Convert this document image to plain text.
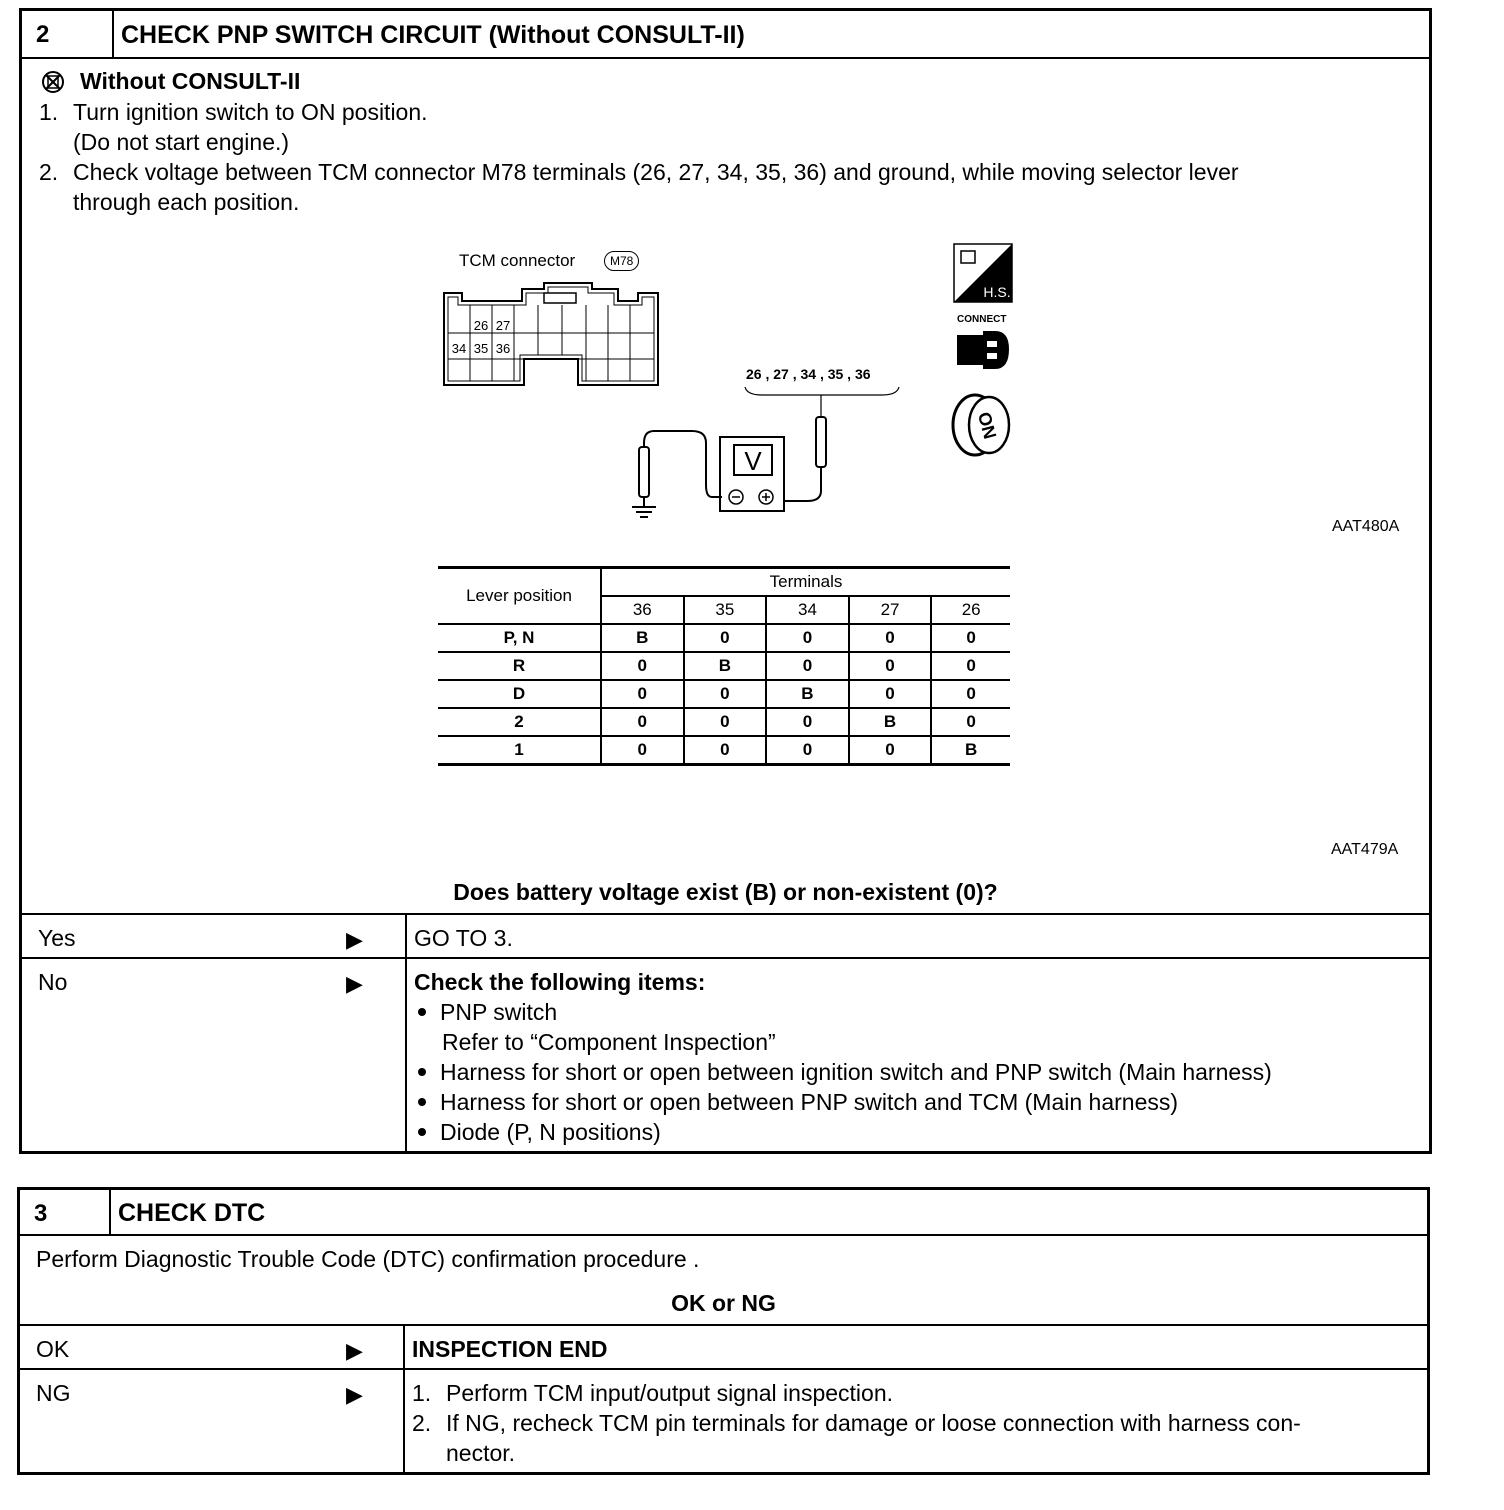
2	CHECK PNP SWITCH CIRCUIT (Without CONSULT-II)
Without CONSULT-II
1. Turn ignition switch to ON position.
(Do not start engine.)
2. Check voltage between TCM connector M78 terminals (26, 27, 34, 35, 36) and ground, while moving selector lever
through each position.
TCM connector	M78
26 27
34 35 36
26 , 27 , 34 , 35 , 36
V
H.S.
CONNECT
ON
AAT480A
Lever position	Terminals				
	36	35	34	27	26
P, N	B	0	0	0	0
R	0	B	0	0	0
D	0	0	B	0	0
2	0	0	0	B	0
1	0	0	0	0	B
AAT479A
Does battery voltage exist (B) or non-existent (0)?
Yes	▶ GO TO 3.
No	▶ Check the following items:
PNP switch
Refer to “Component Inspection”
Harness for short or open between ignition switch and PNP switch (Main harness)
Harness for short or open between PNP switch and TCM (Main harness)
Diode (P, N positions)
3	CHECK DTC
Perform Diagnostic Trouble Code (DTC) confirmation procedure .
OK or NG
OK	▶ INSPECTION END
NG	▶ 1. Perform TCM input/output signal inspection.
2. If NG, recheck TCM pin terminals for damage or loose connection with harness con-
nector.
